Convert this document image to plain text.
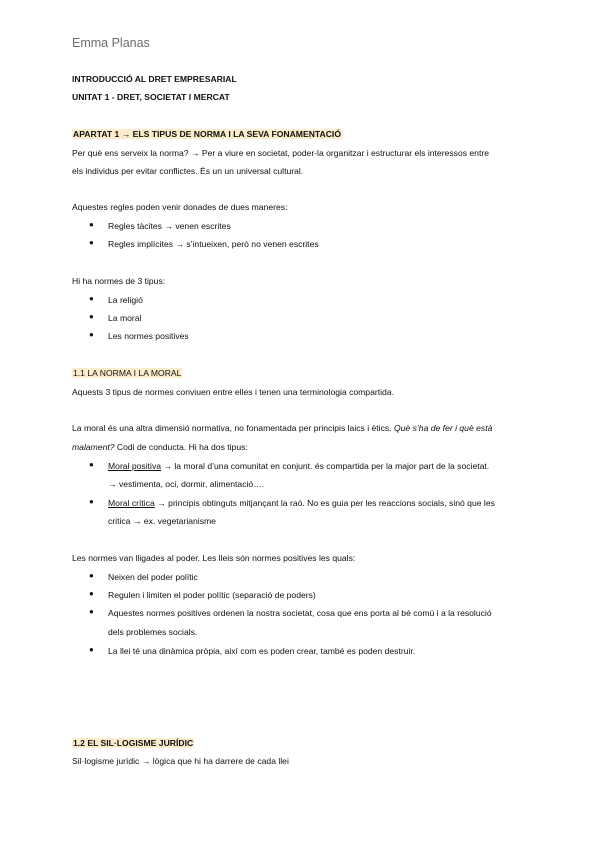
Emma Planas
INTRODUCCIÓ AL DRET EMPRESARIAL
UNITAT 1 - DRET, SOCIETAT I MERCAT
APARTAT 1 → ELS TIPUS DE NORMA I LA SEVA FONAMENTACIÓ
Per què ens serveix la norma? → Per a viure en societat, poder-la organitzar i estructurar els interessos entre
els individus per evitar conflictes. És un un universal cultural.
Aquestes regles poden venir donades de dues maneres:
● Regles tàcites → venen escrites
● Regles implícites → s’intueixen, però no venen escrites
Hi ha normes de 3 tipus:
● La religió
● La moral
● Les normes positives
1.1 LA NORMA I LA MORAL
Aquests 3 tipus de normes conviuen entre elles i tenen una terminologia compartida.
La moral és una altra dimensió normativa, no fonamentada per principis laics i ètics. Què s’ha de fer i què està
malament? Codi de conducta. Hi ha dos tipus:
● Moral positiva → la moral d’una comunitat en conjunt. és compartida per la major part de la societat.
→ vestimenta, oci, dormir, alimentació….
● Moral crítica → principis obtinguts mitjançant la raó. No es guia per les reaccions socials, sinó que les
critica → ex. vegetarianisme
Les normes van lligades al poder. Les lleis són normes positives les quals:
● Neixen del poder polític
● Regulen i limiten el poder polític (separació de poders)
● Aquestes normes positives ordenen la nostra societat, cosa que ens porta al bé comú i a la resolució
dels problemes socials.
● La llei té una dinàmica pròpia, així com es poden crear, també es poden destruir.
1.2 EL SIL·LOGISME JURÍDIC
Sil·logisme jurídic → lògica que hi ha darrere de cada llei
